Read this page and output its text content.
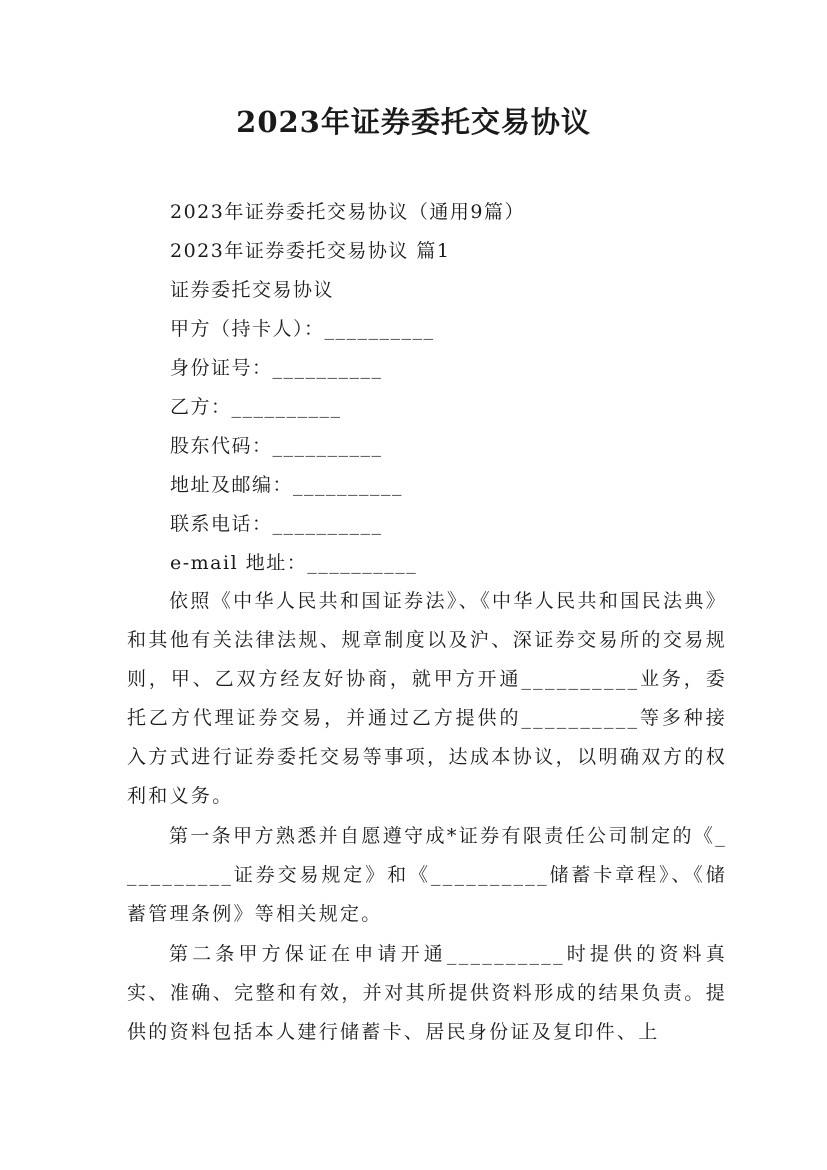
2023年证券委托交易协议
2023年证券委托交易协议（通用9篇）
2023年证券委托交易协议 篇1
证券委托交易协议
甲方（持卡人）：__________
身份证号：__________
乙方：__________
股东代码：__________
地址及邮编：__________
联系电话：__________
e-mail 地址：__________
依照《中华人民共和国证券法》、《中华人民共和国民法典》和其他有关法律法规、规章制度以及沪、深证券交易所的交易规则，甲、乙双方经友好协商，就甲方开通__________业务，委托乙方代理证券交易，并通过乙方提供的__________等多种接入方式进行证券委托交易等事项，达成本协议，以明确双方的权利和义务。
第一条甲方熟悉并自愿遵守成*证券有限责任公司制定的《__________证券交易规定》和《__________储蓄卡章程》、《储蓄管理条例》等相关规定。
第二条甲方保证在申请开通__________时提供的资料真实、准确、完整和有效，并对其所提供资料形成的结果负责。提供的资料包括本人建行储蓄卡、居民身份证及复印件、上
